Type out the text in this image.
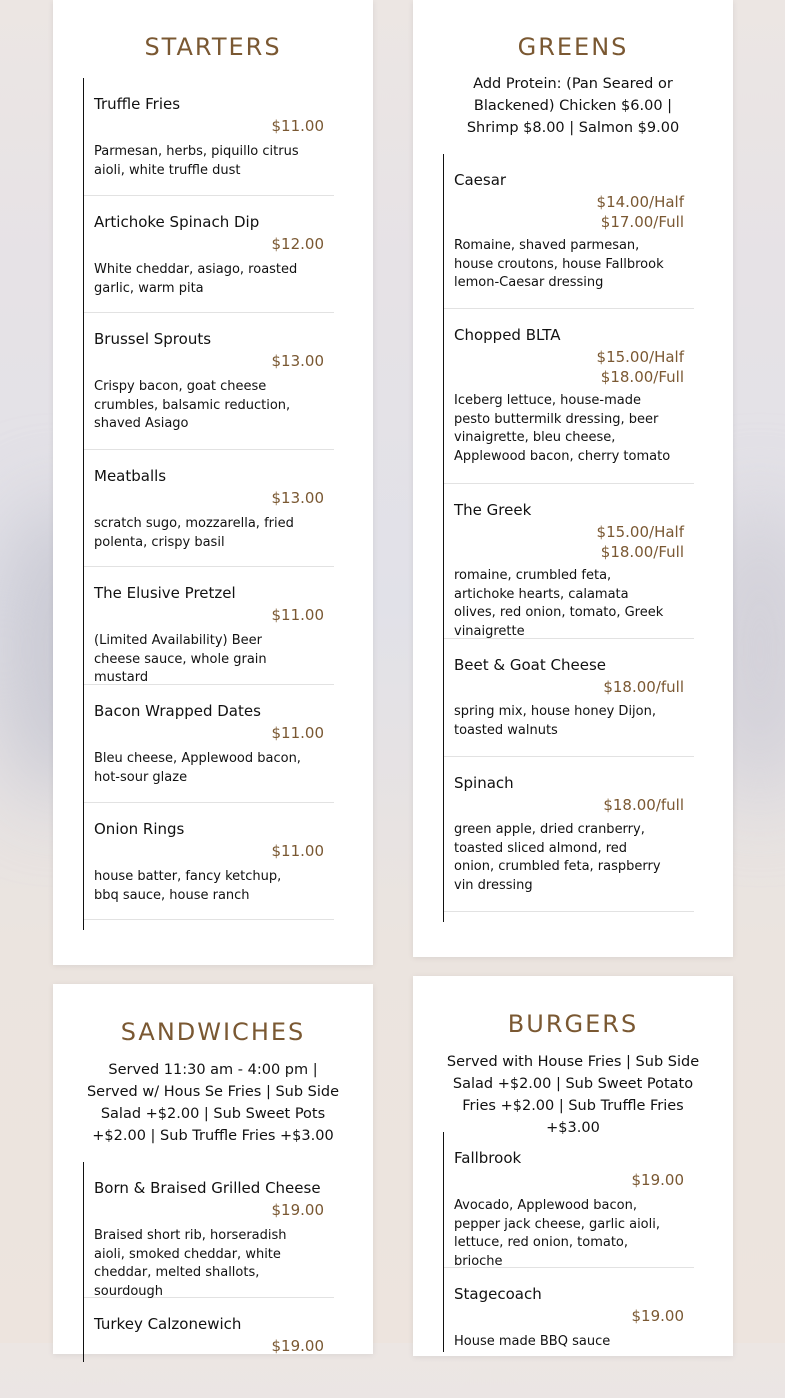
STARTERS
Truffle Fries
$11.00
Parmesan, herbs, piquillo citrus aioli, white truffle dust
Artichoke Spinach Dip
$12.00
White cheddar, asiago, roasted garlic, warm pita
Brussel Sprouts
$13.00
Crispy bacon, goat cheese crumbles, balsamic reduction, shaved Asiago
Meatballs
$13.00
scratch sugo, mozzarella, fried polenta, crispy basil
The Elusive Pretzel
$11.00
(Limited Availability) Beer cheese sauce, whole grain mustard
Bacon Wrapped Dates
$11.00
Bleu cheese, Applewood bacon, hot-sour glaze
Onion Rings
$11.00
house batter, fancy ketchup, bbq sauce, house ranch
GREENS

Add Protein: (Pan Seared or Blackened) Chicken $6.00 | Shrimp $8.00 | Salmon $9.00

Caesar
$14.00/Half
$17.00/Full
Romaine, shaved parmesan, house croutons, house Fallbrook lemon-Caesar dressing
Chopped BLTA
$15.00/Half
$18.00/Full
Iceberg lettuce, house-made pesto buttermilk dressing, beer vinaigrette, bleu cheese, Applewood bacon, cherry tomato
The Greek
$15.00/Half
$18.00/Full
romaine, crumbled feta, artichoke hearts, calamata olives, red onion, tomato, Greek vinaigrette
Beet & Goat Cheese
$18.00/full
spring mix, house honey Dijon, toasted walnuts
Spinach
$18.00/full
green apple, dried cranberry, toasted sliced almond, red onion, crumbled feta, raspberry vin dressing
SANDWICHES

Served 11:30 am - 4:00 pm | Served w/ Hous Se Fries | Sub Side Salad +$2.00 | Sub Sweet Pots +$2.00 | Sub Truffle Fries +$3.00

Born & Braised Grilled Cheese
$19.00
Braised short rib, horseradish aioli, smoked cheddar, white cheddar, melted shallots, sourdough
Turkey Calzonewich
$19.00
BURGERS

Served with House Fries | Sub Side Salad +$2.00 | Sub Sweet Potato Fries +$2.00 | Sub Truffle Fries +$3.00

Fallbrook
$19.00
Avocado, Applewood bacon, pepper jack cheese, garlic aioli, lettuce, red onion, tomato, brioche
Stagecoach
$19.00
House made BBQ sauce
